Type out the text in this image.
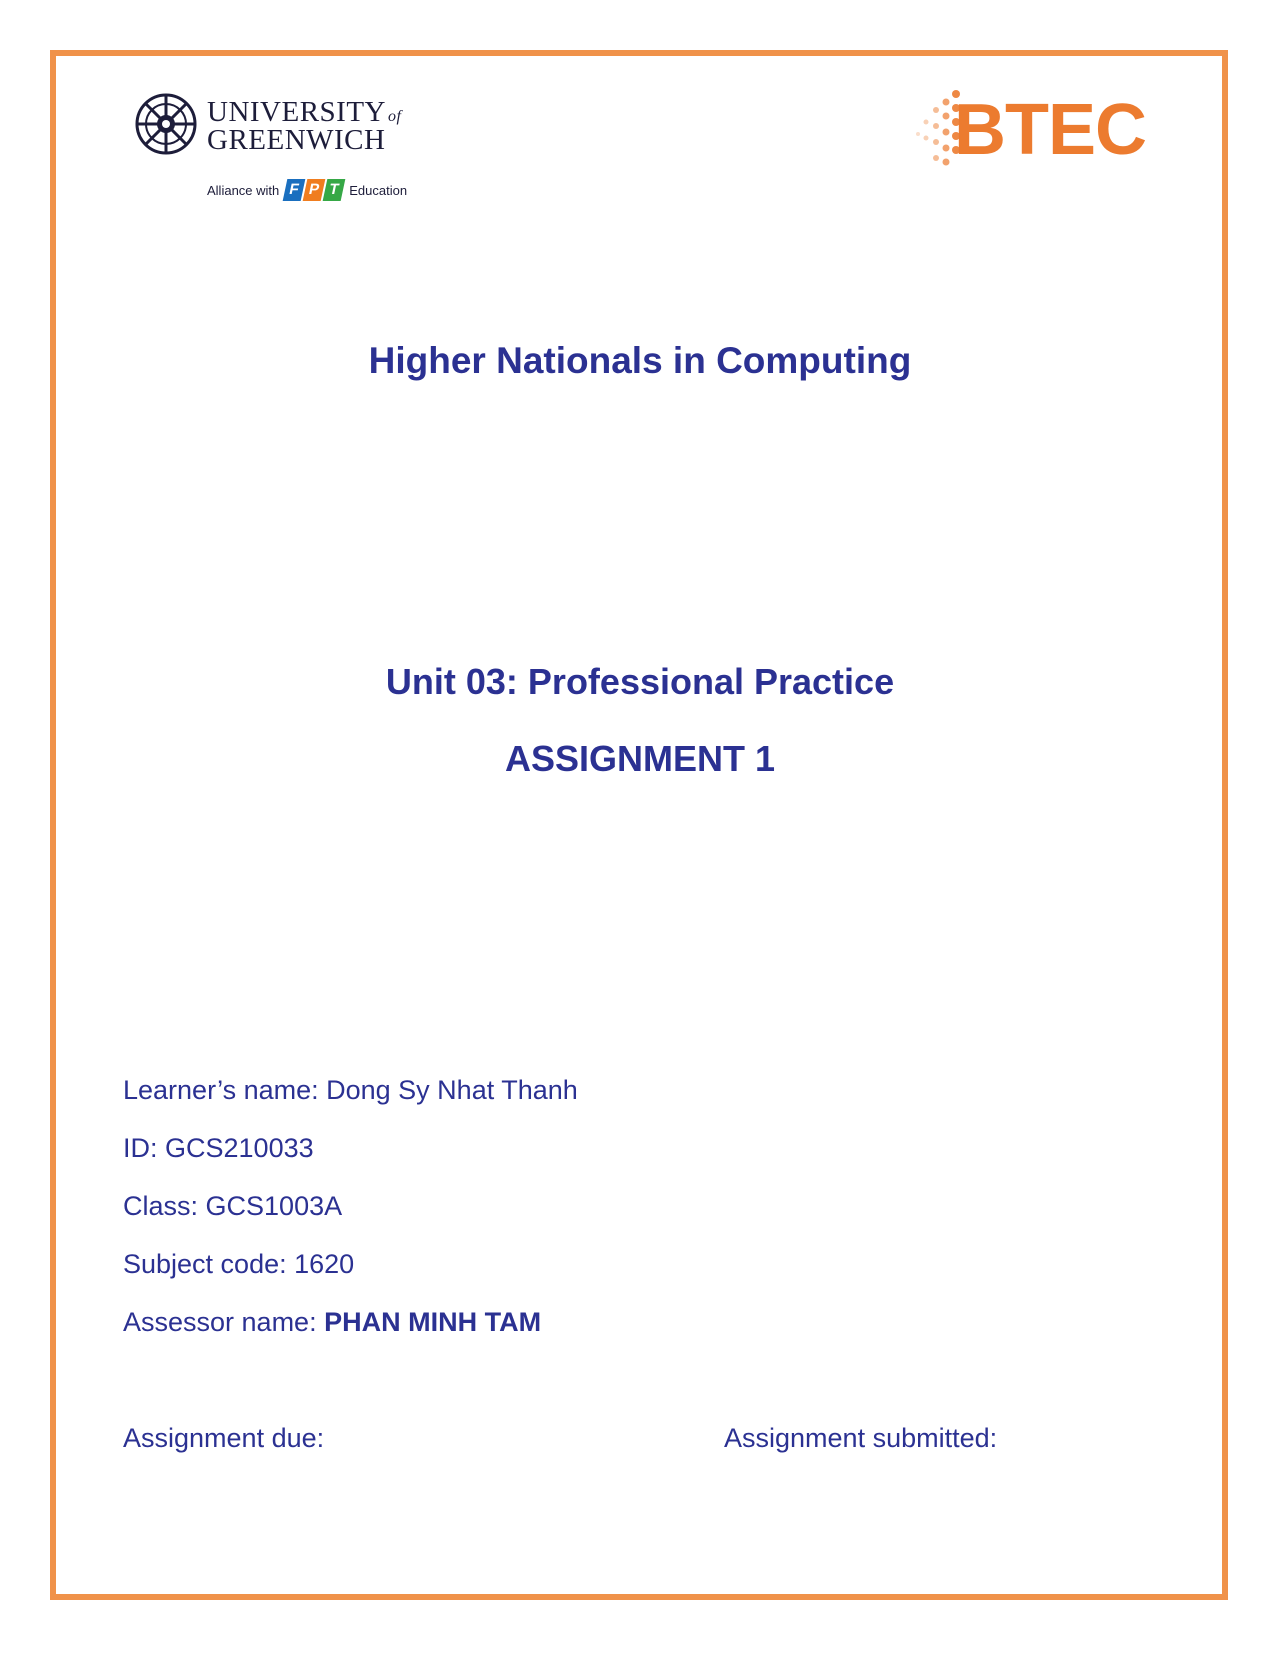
UNIVERSITY of
GREENWICH
Alliance with F P T Education
BTEC
Higher Nationals in Computing
Unit 03: Professional Practice
ASSIGNMENT 1
Learner’s name: Dong Sy Nhat Thanh
ID: GCS210033
Class: GCS1003A
Subject code: 1620
Assessor name: PHAN MINH TAM
Assignment due:	Assignment submitted:
